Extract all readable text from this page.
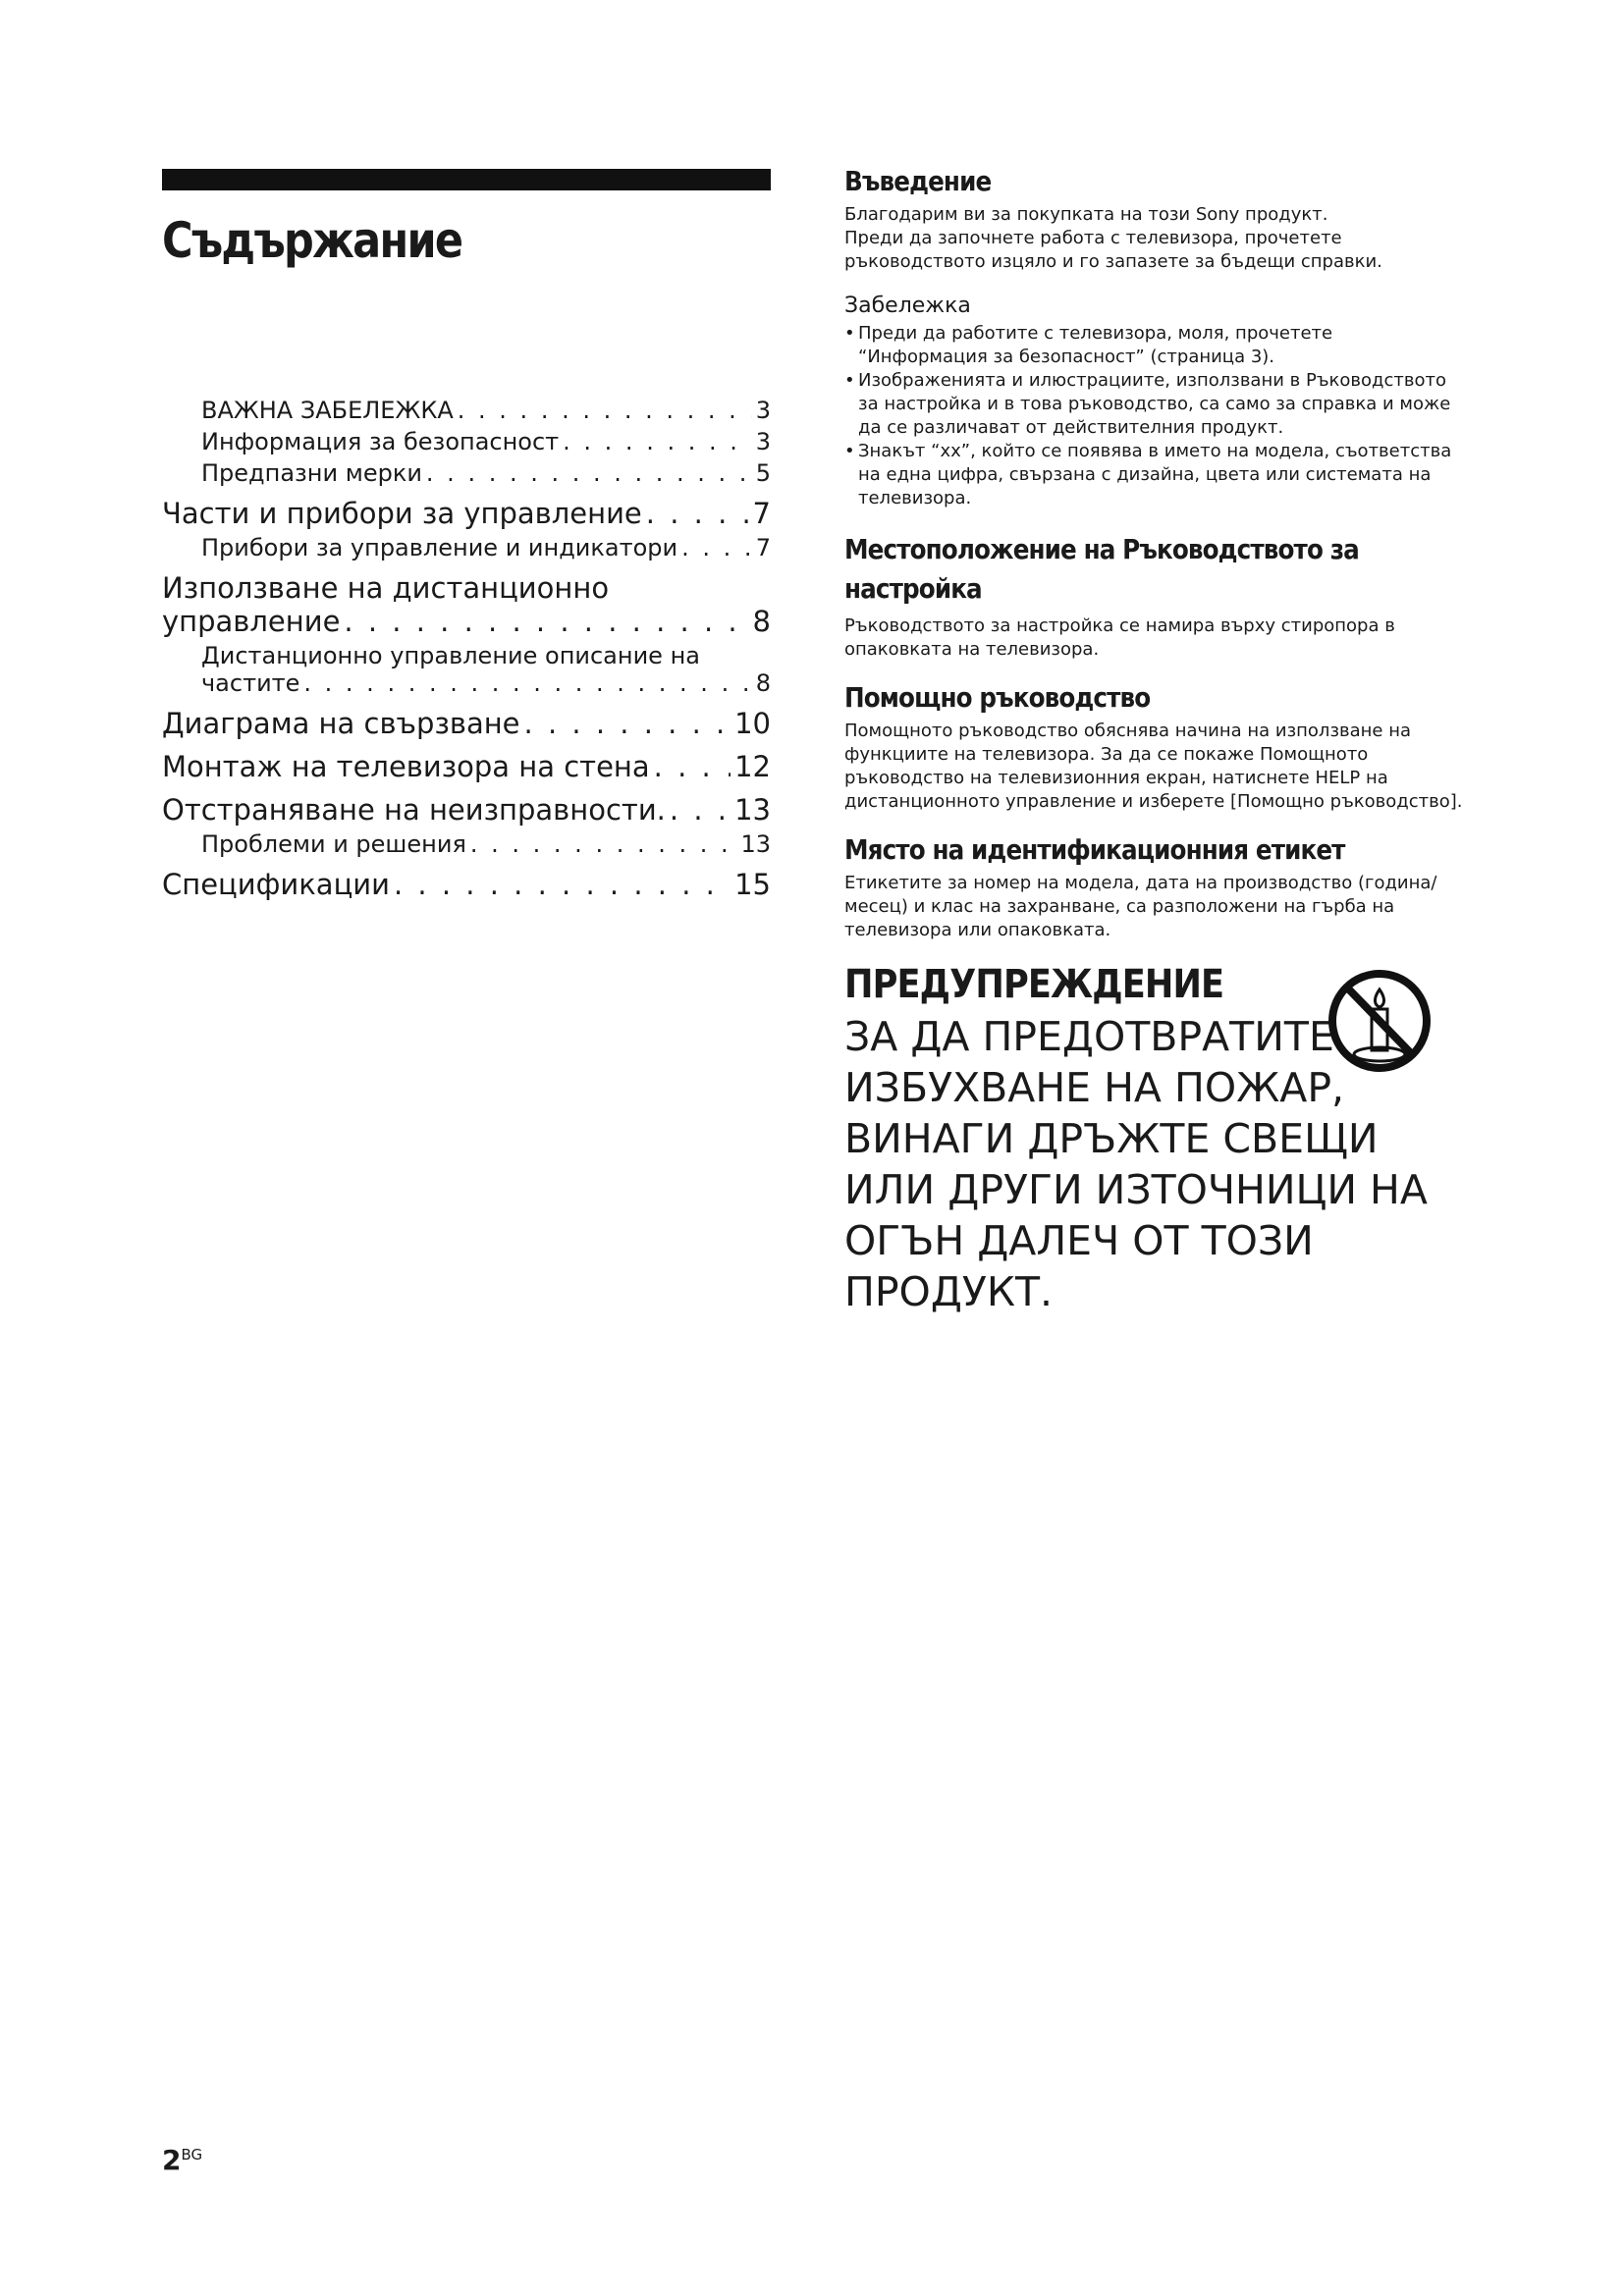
Съдържание
ВАЖНА ЗАБЕЛЕЖКА . . .	3
Информация за безопасност . . .	3
Предпазни мерки . . .	5
Части и прибори за управление . . .	7
Прибори за управление и индикатори . . .	7
Използване на дистанционно
управление . . .	8
Дистанционно управление описание на
частите . . .	8
Диаграма на свързване . . .	10
Монтаж на телевизора на стена . . .	12
Отстраняване на неизправности. . . . 13
Проблеми и решения . . .	13
Спецификации . . .	15
Въведение

Благодарим ви за покупката на този Sony продукт.

Преди да започнете работа с телевизора, прочетете ръководството изцяло и го запазете за бъдещи справки.

Забележка
• Преди да работите с телевизора, моля, прочетете “Информация за безопасност” (страница 3).
• Изображенията и илюстрациите, използвани в Ръководството за настройка и в това ръководство, са само за справка и може да се различават от действителния продукт.
• Знакът “xx”, който се появява в името на модела, съответства на една цифра, свързана с дизайна, цвета или системата на телевизора.
Местоположение на Ръководството за настройка

Ръководството за настройка се намира върху стиропора в опаковката на телевизора.

Помощно ръководство

Помощното ръководство обяснява начина на използване на функциите на телевизора. За да се покаже Помощното ръководство на телевизионния екран, натиснете HELP на дистанционното управление и изберете [Помощно ръководство].

Място на идентификационния етикет

Етикетите за номер на модела, дата на производство (година/месец) и клас на захранване, са разположени на гърба на телевизора или опаковката.

ПРЕДУПРЕЖДЕНИЕ

ЗА ДА ПРЕДОТВРАТИТЕ ИЗБУХВАНЕ НА ПОЖАР, ВИНАГИ ДРЪЖТЕ СВЕЩИ ИЛИ ДРУГИ ИЗТОЧНИЦИ НА ОГЪН ДАЛЕЧ ОТ ТОЗИ ПРОДУКТ.

$2^{BG}$
